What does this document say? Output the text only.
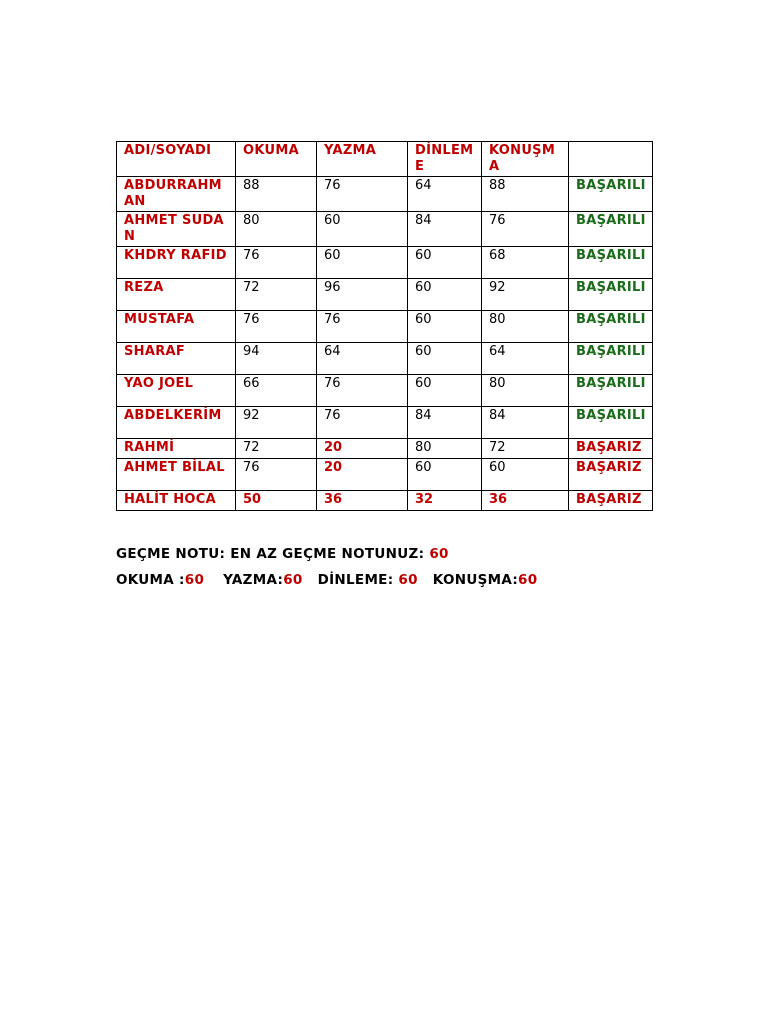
ADI/SOYADI	OKUMA	YAZMA	DİNLEME	KONUŞMA	
ABDURRAHMAN	88	76	64	88	BAŞARILI
AHMET SUDAN	80	60	84	76	BAŞARILI
KHDRY RAFID	76	60	60	68	BAŞARILI
REZA	72	96	60	92	BAŞARILI
MUSTAFA	76	76	60	80	BAŞARILI
SHARAF	94	64	60	64	BAŞARILI
YAO JOEL	66	76	60	80	BAŞARILI
ABDELKERİM	92	76	84	84	BAŞARILI
RAHMİ	72	20	80	72	BAŞARIZ
AHMET BİLAL	76	20	60	60	BAŞARIZ
HALİT HOCA	50	36	32	36	BAŞARIZ
GEÇME NOTU: EN AZ GEÇME NOTUNUZ: 60
OKUMA :60 YAZMA:60 DİNLEME: 60 KONUŞMA:60
